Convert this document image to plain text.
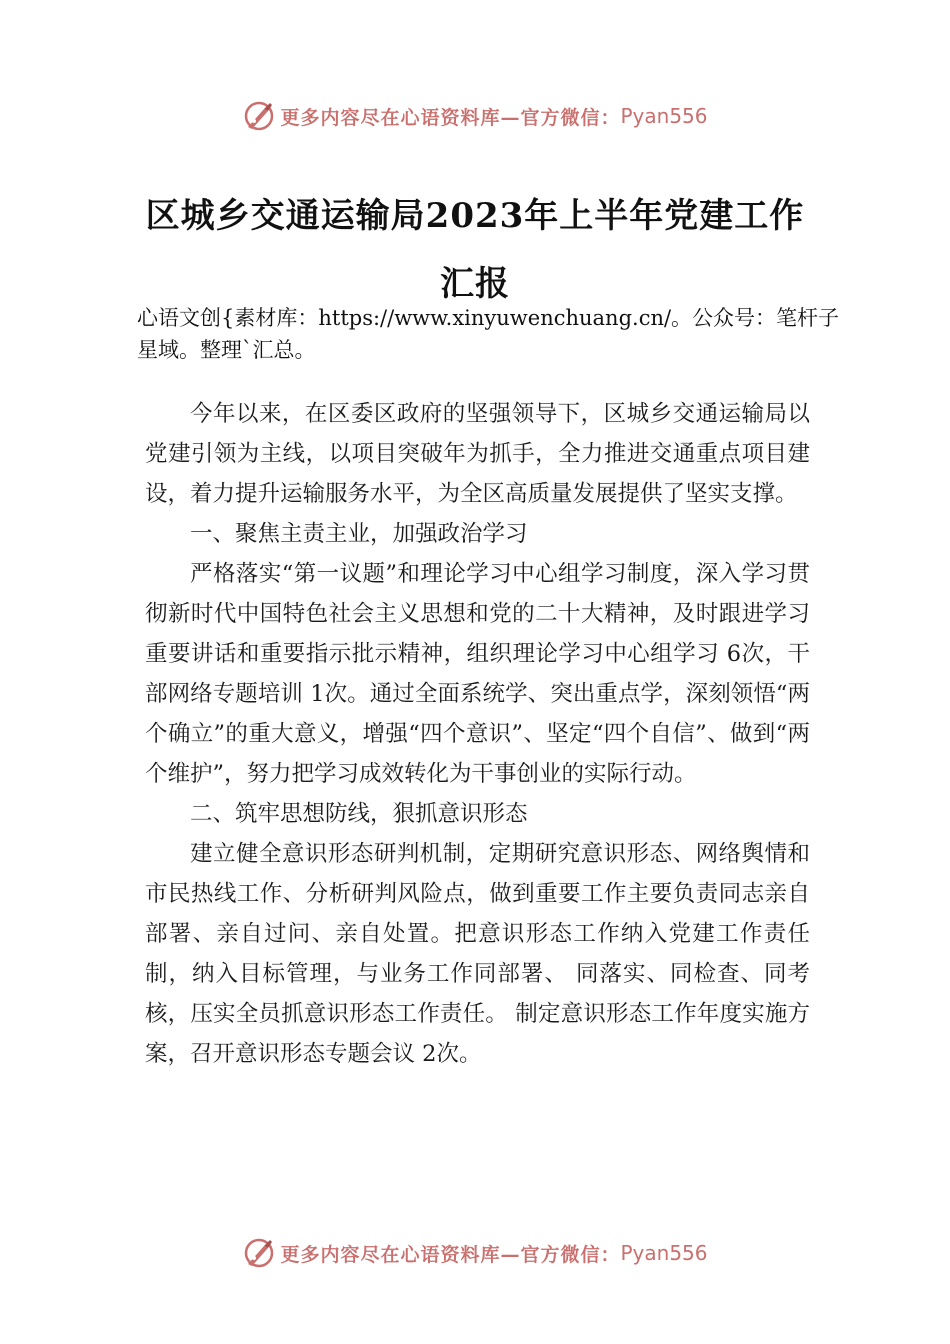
更多内容尽在心语资料库—官方微信： Pyan556
区城乡交通运输局2023年上半年党建工作
汇报
心语文创{素材库：https://www.xinyuwenchuang.cn/。公众号：笔杆子星域。整理`汇总。

今年以来，在区委区政府的坚强领导下，区城乡交通运输局以党建引领为主线，以项目突破年为抓手，全力推进交通重点项目建设，着力提升运输服务水平，为全区高质量发展提供了坚实支撑。

一、聚焦主责主业，加强政治学习

严格落实“第一议题”和理论学习中心组学习制度，深入学习贯彻新时代中国特色社会主义思想和党的二十大精神，及时跟进学习重要讲话和重要指示批示精神，组织理论学习中心组学习 6次，干部网络专题培训 1次。通过全面系统学、突出重点学，深刻领悟“两个确立”的重大意义，增强“四个意识”、坚定“四个自信”、做到“两个维护”，努力把学习成效转化为干事创业的实际行动。

二、筑牢思想防线，狠抓意识形态

建立健全意识形态研判机制，定期研究意识形态、网络舆情和市民热线工作、分析研判风险点，做到重要工作主要负责同志亲自部署、亲自过问、亲自处置。把意识形态工作纳入党建工作责任制，纳入目标管理，与业务工作同部署、 同落实、同检查、同考核，压实全员抓意识形态工作责任。 制定意识形态工作年度实施方案，召开意识形态专题会议 2次。

更多内容尽在心语资料库—官方微信： Pyan556
